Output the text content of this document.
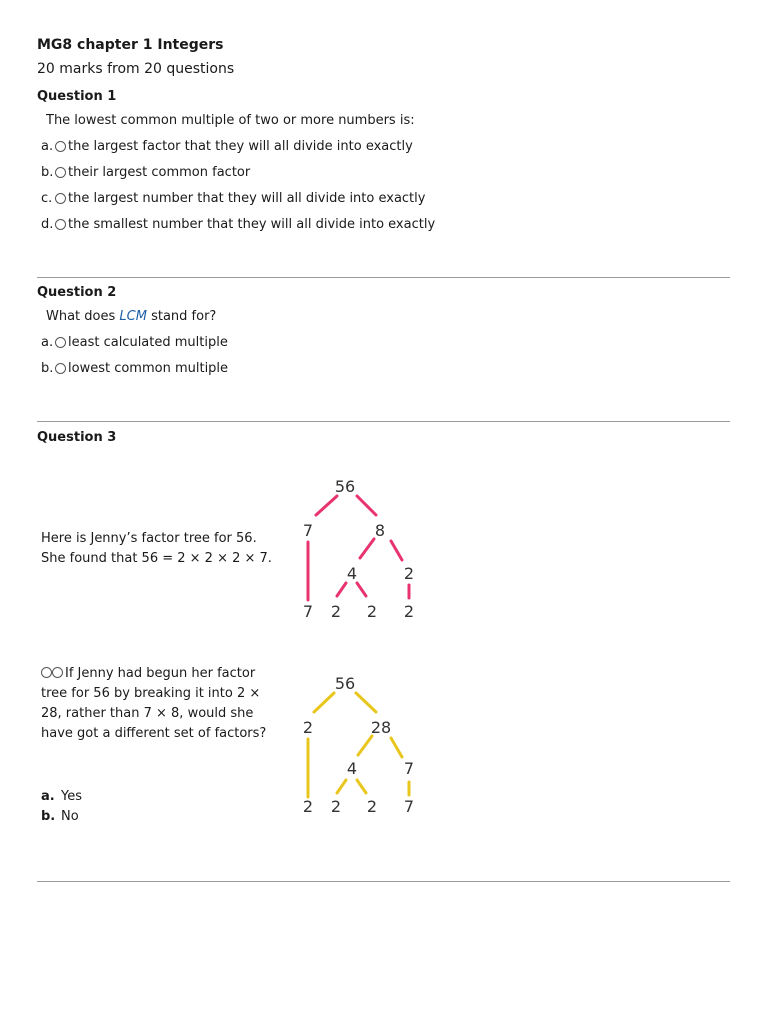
MG8 chapter 1 Integers
20 marks from 20 questions
Question 1
The lowest common multiple of two or more numbers is:
a. the largest factor that they will all divide into exactly
b. their largest common factor
c. the largest number that they will all divide into exactly
d. the smallest number that they will all divide into exactly
Question 2
What does LCM stand for?
a. least calculated multiple
b. lowest common multiple
Question 3
Here is Jenny’s factor tree for 56.
She found that 56 = 2 × 2 × 2 × 7.
56
7	8
4	2
7 2 2 2
If Jenny had begun her factor tree for 56 by breaking it into 2 × 28, rather than 7 × 8, would she have got a different set of factors?
a. Yes
b. No
56
2	28
4	7
2 2 2 7
